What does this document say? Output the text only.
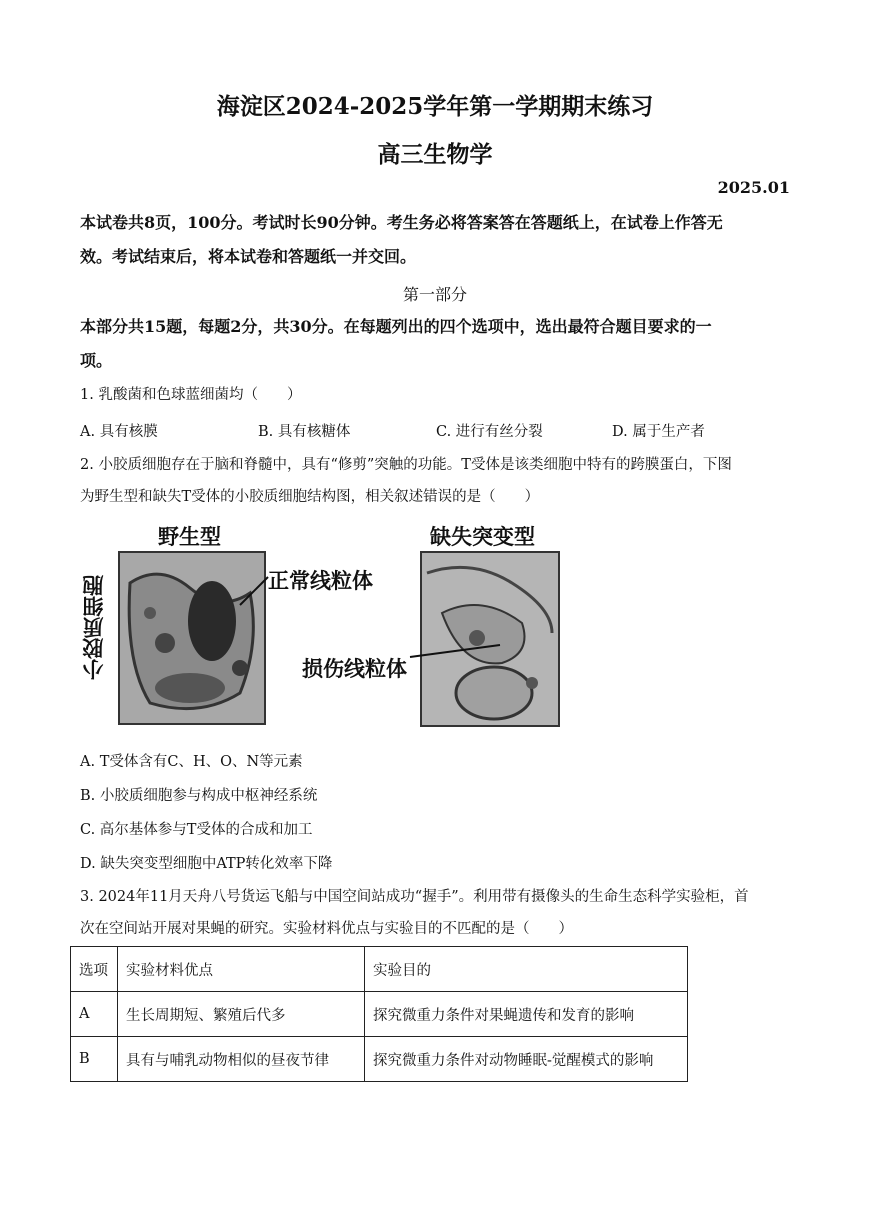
海淀区2024-2025学年第一学期期末练习
高三生物学
2025.01
本试卷共8页，100分。考试时长90分钟。考生务必将答案答在答题纸上，在试卷上作答无
效。考试结束后，将本试卷和答题纸一并交回。
第一部分
本部分共15题，每题2分，共30分。在每题列出的四个选项中，选出最符合题目要求的一
项。
1. 乳酸菌和色球蓝细菌均（　　）
A. 具有核膜	B. 具有核糖体	C. 进行有丝分裂	D. 属于生产者
2. 小胶质细胞存在于脑和脊髓中，具有“修剪”突触的功能。T受体是该类细胞中特有的跨膜蛋白，下图
为野生型和缺失T受体的小胶质细胞结构图，相关叙述错误的是（　　）
野生型	缺失突变型
小胶质细胞	正常线粒体
损伤线粒体
A. T受体含有C、H、O、N等元素
B. 小胶质细胞参与构成中枢神经系统
C. 高尔基体参与T受体的合成和加工
D. 缺失突变型细胞中ATP转化效率下降
3. 2024年11月天舟八号货运飞船与中国空间站成功“握手”。利用带有摄像头的生命生态科学实验柜，首
次在空间站开展对果蝇的研究。实验材料优点与实验目的不匹配的是（　　）
选项	实验材料优点	实验目的
A	生长周期短、繁殖后代多	探究微重力条件对果蝇遗传和发育的影响
B	具有与哺乳动物相似的昼夜节律	探究微重力条件对动物睡眠-觉醒模式的影响
